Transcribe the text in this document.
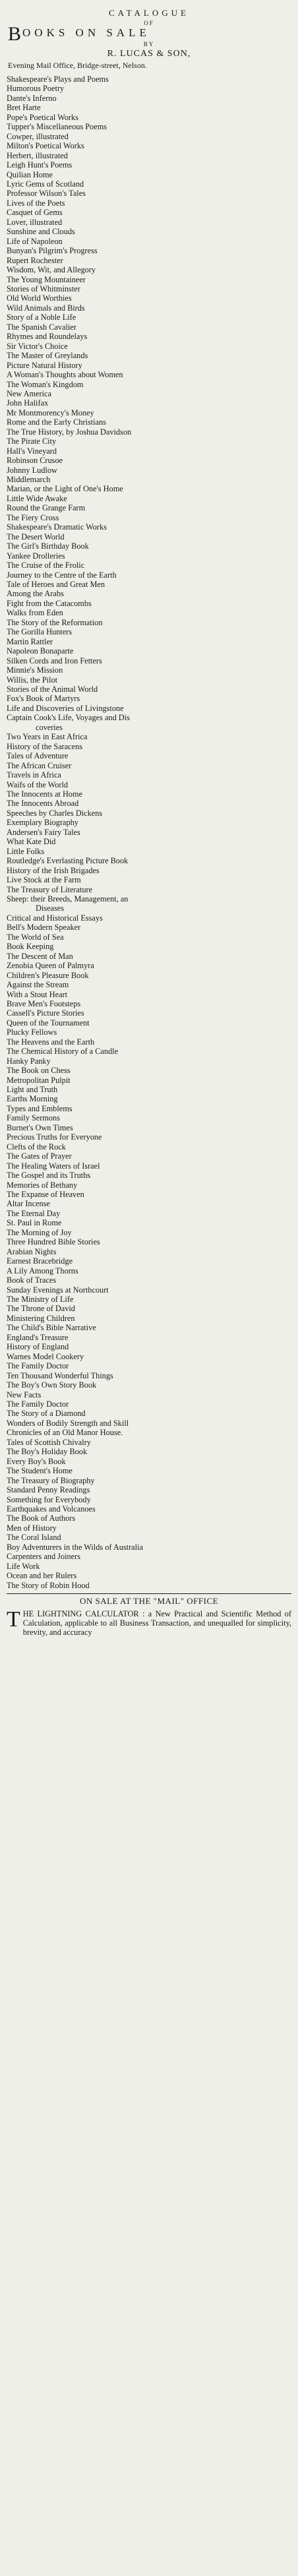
CATALOGUE

OF

BOOKS ON SALE

BY

R. LUCAS & SON,

Evening Mail Office, Bridge-street, Nelson.

Shakespeare's Plays and Poems
Humorous Poetry
Dante's Inferno
Bret Harte
Pope's Poetical Works
Tupper's Miscellaneous Poems
Cowper, illustrated
Milton's Poetical Works
Herbert, illustrated
Leigh Hunt's Poems
Quilian Home
Lyric Gems of Scotland
Professor Wilson's Tales
Lives of the Poets
Casquet of Gems
Lover, illustrated
Sunshine and Clouds
Life of Napoleon
Bunyan's Pilgrim's Progress
Rupert Rochester
Wisdom, Wit, and Allegory
The Young Mountaineer
Stories of Whitminster
Old World Worthies
Wild Animals and Birds
Story of a Noble Life
The Spanish Cavalier
Rhymes and Roundelays
Sir Victor's Choice
The Master of Greylands
Picture Natural History
A Woman's Thoughts about Women
The Woman's Kingdom
New America
John Halifax
Mr Montmorency's Money
Rome and the Early Christians
The True History, by Joshua Davidson
The Pirate City
Hall's Vineyard
Robinson Crusoe
Johnny Ludlow
Middlemarch
Marian, or the Light of One's Home
Little Wide Awake
Round the Grange Farm
The Fiery Cross
Shakespeare's Dramatic Works
The Desert World
The Girl's Birthday Book
Yankee Drolleries
The Cruise of the Frolic
Journey to the Centre of the Earth
Tale of Heroes and Great Men
Among the Arabs
Fight from the Catacombs
Walks from Eden
The Story of the Reformation
The Gorilla Hunters
Martin Rattler
Napoleon Bonaparte
Silken Cords and Iron Fetters
Minnie's Mission
Willis, the Pilot
Stories of the Animal World
Fox's Book of Martyrs
Life and Discoveries of Livingstone
Captain Cook's Life, Voyages and Dis
coveries
Two Years in East Africa
History of the Saracens
Tales of Adventure
The African Cruiser
Travels in Africa
Waifs of the World
The Innocents at Home
The Innocents Abroad
Speeches by Charles Dickens
Exemplary Biography
Andersen's Fairy Tales
What Kate Did
Little Folks
Routledge's Everlasting Picture Book
History of the Irish Brigades
Live Stock at the Farm
The Treasury of Literature
Sheep: their Breeds, Management, an
Diseases
Critical and Historical Essays
Bell's Modern Speaker
The World of Sea
Book Keeping
The Descent of Man
Zenobia Queen of Palmyra
Children's Pleasure Book
Against the Stream
With a Stout Heart
Brave Men's Footsteps
Cassell's Picture Stories
Queen of the Tournament
Plucky Fellows
The Heavens and the Earth
The Chemical History of a Candle
Hanky Panky
The Book on Chess
Metropolitan Pulpit
Light and Truth
Earths Morning
Types and Emblems
Family Sermons
Burnet's Own Times
Precious Truths for Everyone
Clefts of the Rock
The Gates of Prayer
The Healing Waters of Israel
The Gospel and its Truths
Memories of Bethany
The Expanse of Heaven
Altar Incense
The Eternal Day
St. Paul in Rome
The Morning of Joy
Three Hundred Bible Stories
Arabian Nights
Earnest Bracebridge
A Lily Among Thorns
Book of Traces
Sunday Evenings at Northcourt
The Ministry of Life
The Throne of David
Ministering Children
The Child's Bible Narrative
England's Treasure
History of England
Warnes Model Cookery
The Family Doctor
Ten Thousand Wonderful Things
The Boy's Own Story Book
New Facts
The Family Doctor
The Story of a Diamond
Wonders of Bodily Strength and Skill
Chronicles of an Old Manor House.
Tales of Scottish Chivalry
The Boy's Holiday Book
Every Boy's Book
The Student's Home
The Treasury of Biography
Standard Penny Readings
Something for Everybody
Earthquakes and Volcanoes
The Book of Authors
Men of History
The Coral Island
Boy Adventurers in the Wilds of Australia
Carpenters and Joiners
Life Work
Ocean and her Rulers
The Story of Robin Hood

ON SALE AT THE "MAIL" OFFICE

THE LIGHTNING CALCULATOR : a New Practical and Scientific Method of Calculation, applicable to all Business Transaction, and unequalled for simplicity, brevity, and accuracy
